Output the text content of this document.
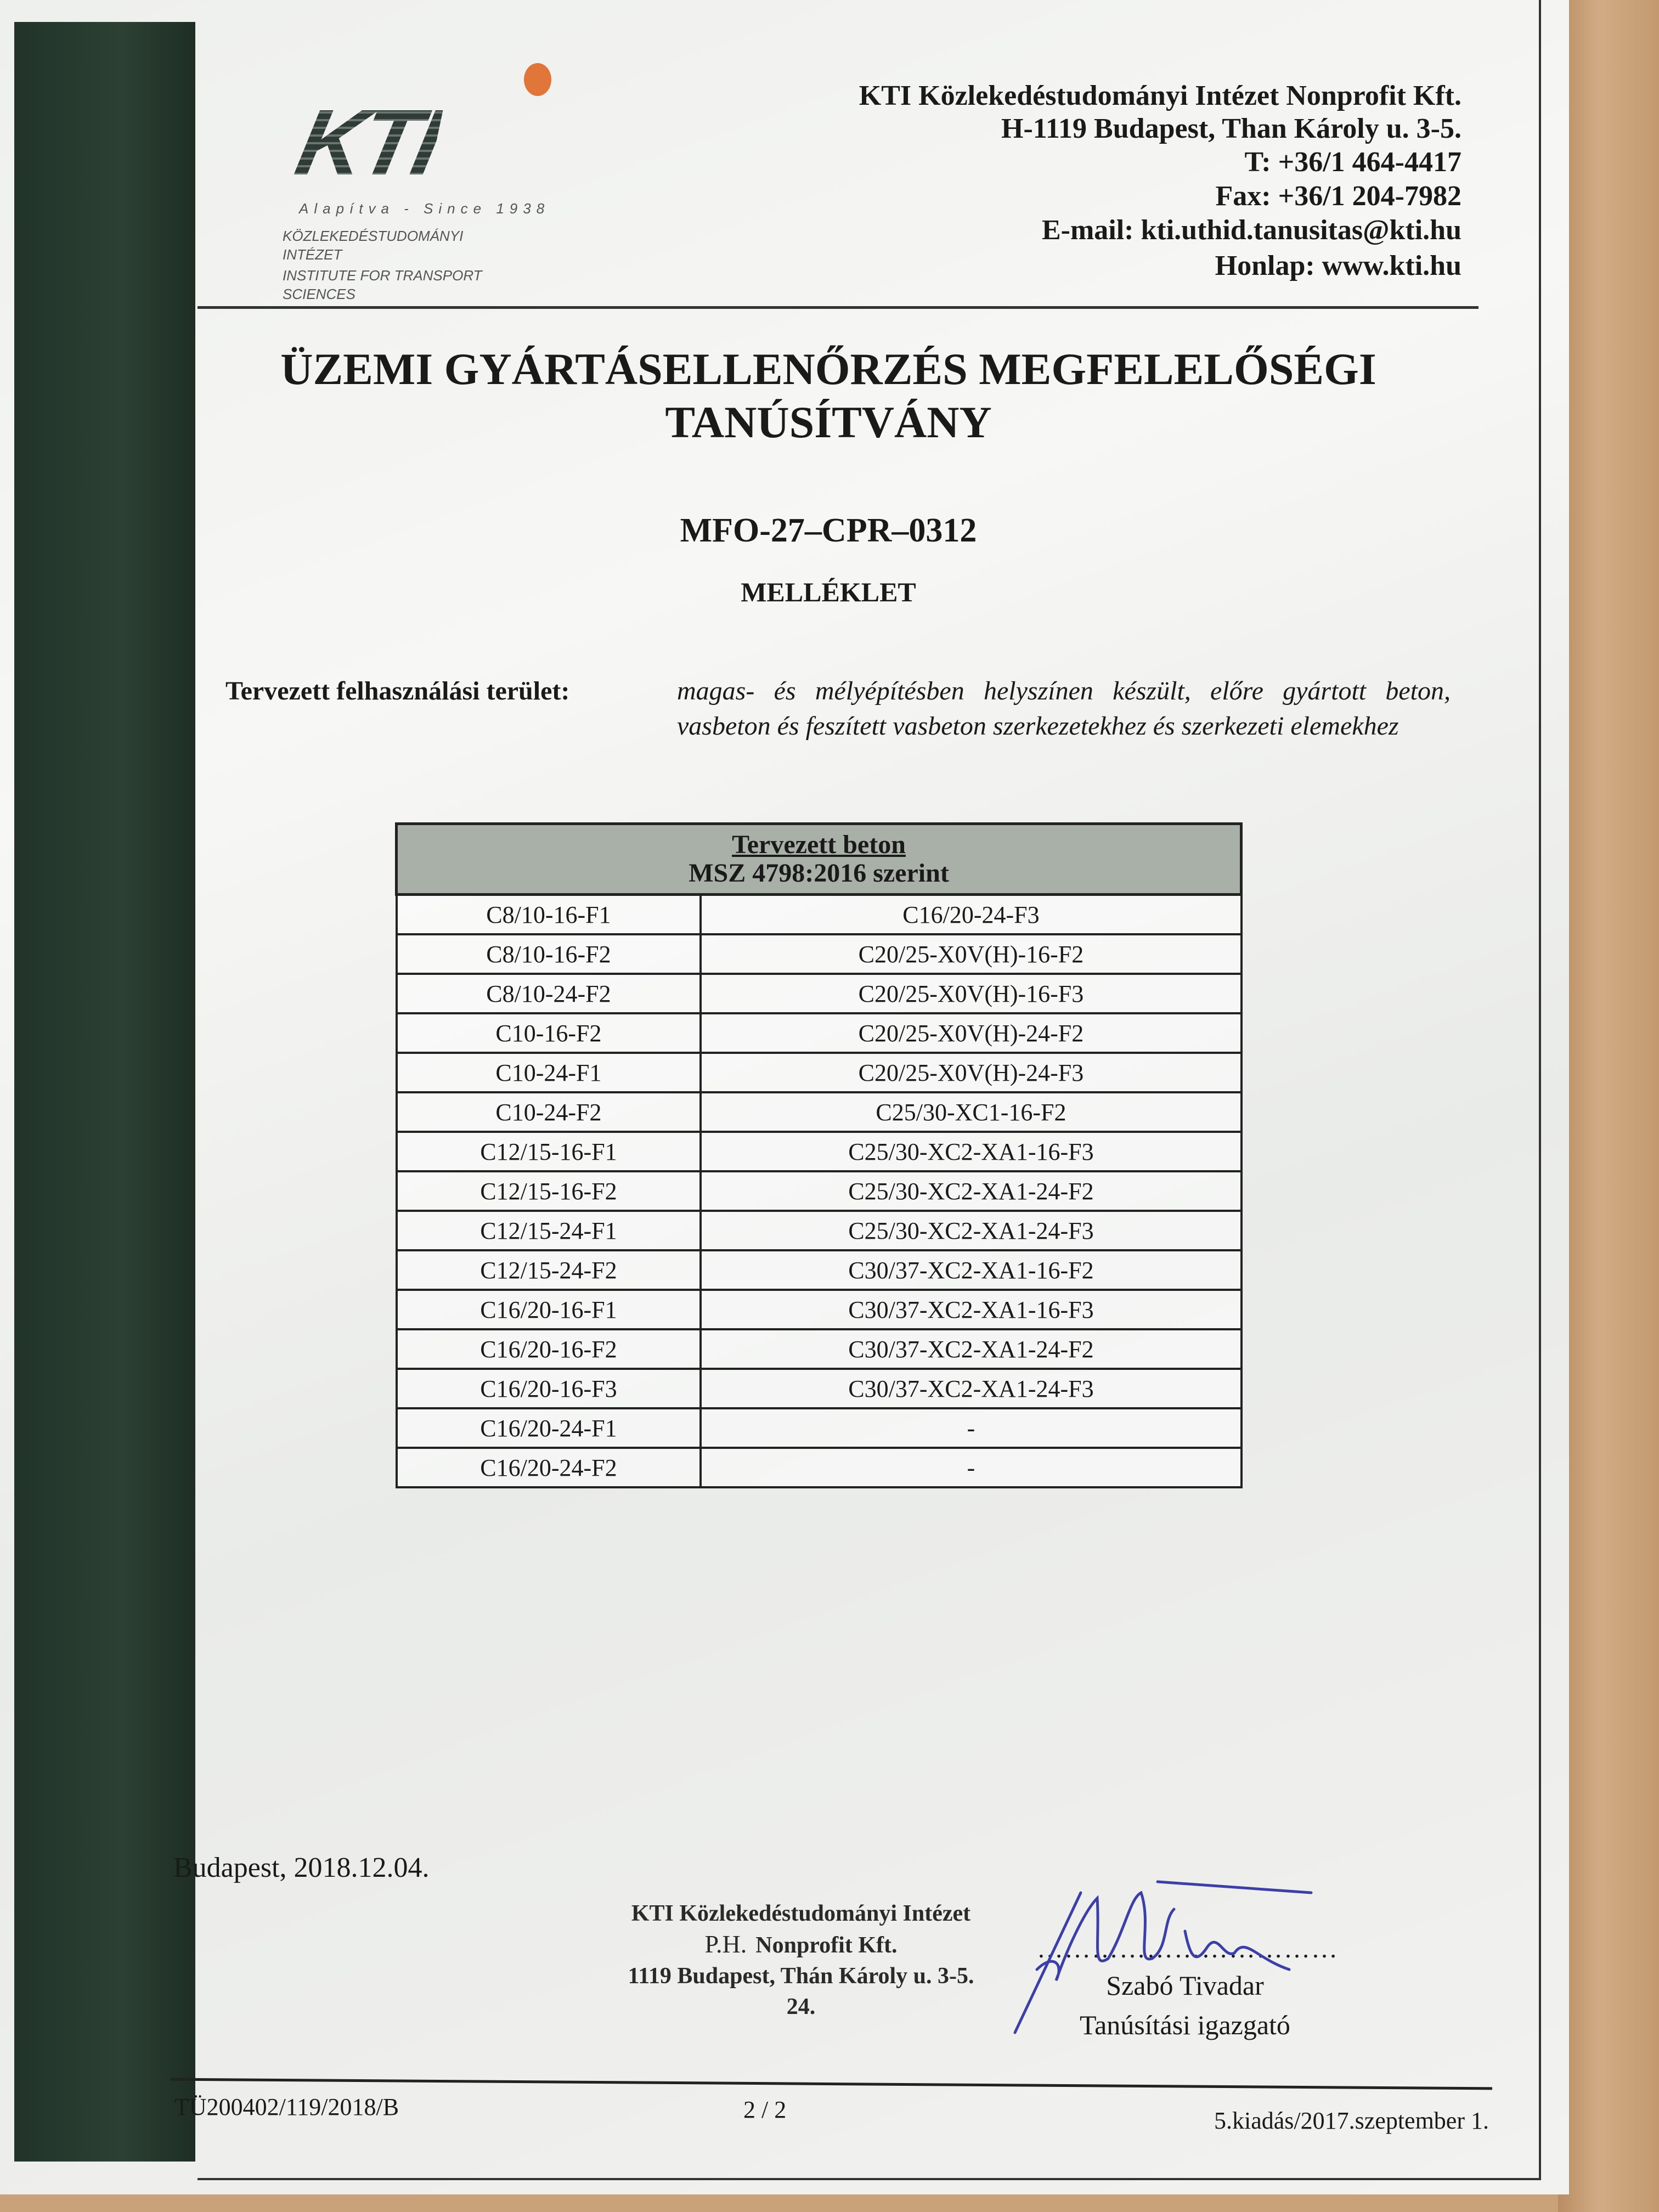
KTI
Alapítva - Since 1938
KÖZLEKEDÉSTUDOMÁNYI
INTÉZET
INSTITUTE FOR TRANSPORT
SCIENCES
KTI Közlekedéstudományi Intézet Nonprofit Kft.
H-1119 Budapest, Than Károly u. 3-5.
T: +36/1 464-4417
Fax: +36/1 204-7982
E-mail: kti.uthid.tanusitas@kti.hu
Honlap: www.kti.hu
ÜZEMI GYÁRTÁSELLENŐRZÉS MEGFELELŐSÉGI
TANÚSÍTVÁNY
MFO-27–CPR–0312
MELLÉKLET
Tervezett felhasználási terület:	magas- és mélyépítésben helyszínen készült, előre gyártott beton, vasbeton és feszített vasbeton szerkezetekhez és szerkezeti elemekhez
Tervezett beton
MSZ 4798:2016 szerint	

C8/10-16-F1	C16/20-24-F3
C8/10-16-F2	C20/25-X0V(H)-16-F2
C8/10-24-F2	C20/25-X0V(H)-16-F3
C10-16-F2	C20/25-X0V(H)-24-F2
C10-24-F1	C20/25-X0V(H)-24-F3
C10-24-F2	C25/30-XC1-16-F2
C12/15-16-F1	C25/30-XC2-XA1-16-F3
C12/15-16-F2	C25/30-XC2-XA1-24-F2
C12/15-24-F1	C25/30-XC2-XA1-24-F3
C12/15-24-F2	C30/37-XC2-XA1-16-F2
C16/20-16-F1	C30/37-XC2-XA1-16-F3
C16/20-16-F2	C30/37-XC2-XA1-24-F2
C16/20-16-F3	C30/37-XC2-XA1-24-F3
C16/20-24-F1	-
C16/20-24-F2	-
Budapest, 2018.12.04.
KTI Közlekedéstudományi Intézet
P.H. Nonprofit Kft.
1119 Budapest, Thán Károly u. 3-5.
24.
……………………………
Szabó Tivadar
Tanúsítási igazgató
TÜ200402/119/2018/B	2 / 2	5.kiadás/2017.szeptember 1.
